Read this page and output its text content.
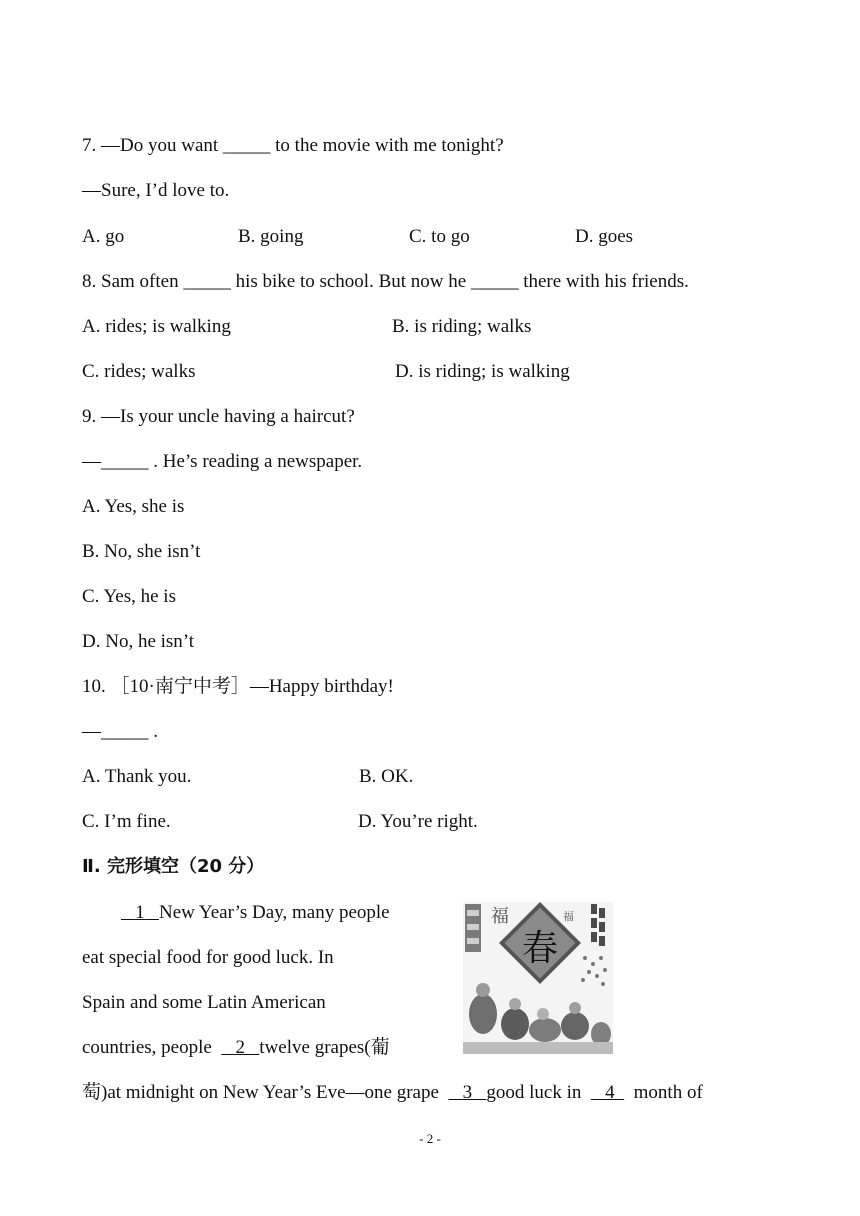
7. —Do you want _____ to the movie with me tonight?
—Sure, I’d love to.
A. go	B. going	C. to go	D. goes
8. Sam often _____ his bike to school. But now he _____ there with his friends.
A. rides; is walking	B. is riding; walks
C. rides; walks	D. is riding; is walking
9. —Is your uncle having a haircut?
—_____ . He’s reading a newspaper.
A. Yes, she is
B. No, she isn’t
C. Yes, he is
D. No, he isn’t
10. ［10·南宁中考］—Happy birthday!
—_____ .
A. Thank you.	B. OK.
C. I’m fine.	D. You’re right.
Ⅱ. 完形填空（20 分）
1 New Year’s Day, many people
eat special food for good luck. In
Spain and some Latin American
countries, people 2 twelve grapes(葡
萄)at midnight on New Year’s Eve—one grape 3 good luck in 4 month of
福	福
春
- 2 -
